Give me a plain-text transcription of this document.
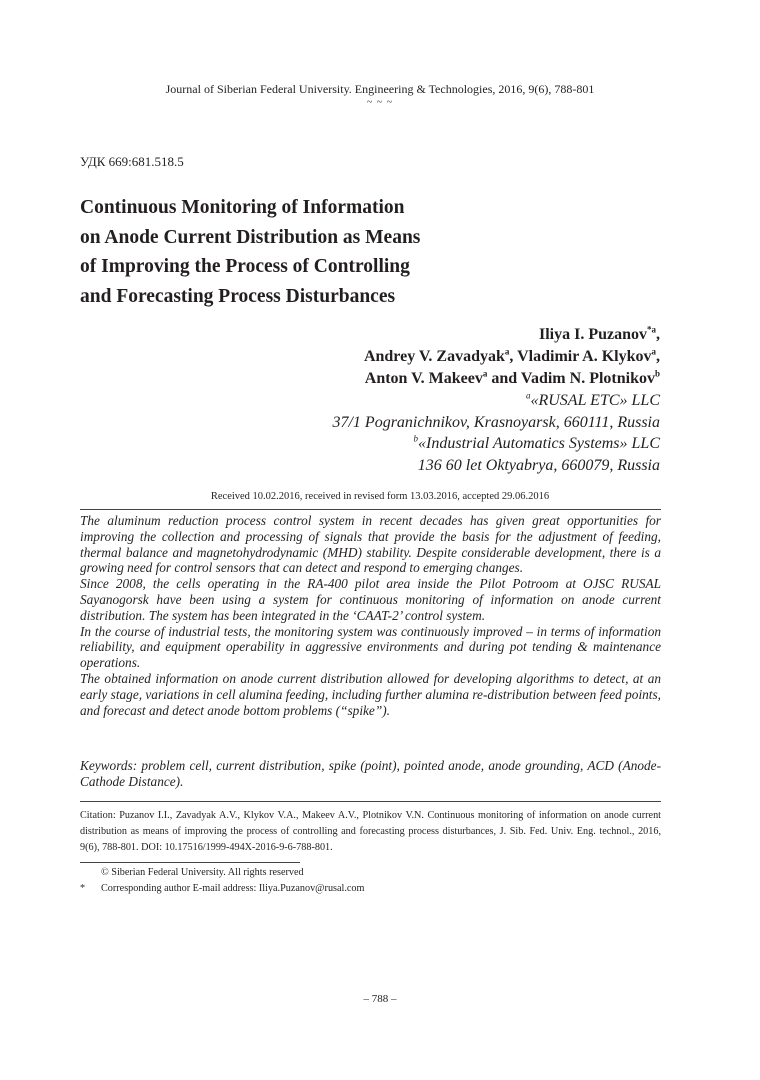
Journal of Siberian Federal University. Engineering & Technologies, 2016, 9(6), 788-801
~ ~ ~
УДК 669:681.518.5
Continuous Monitoring of Information
on Anode Current Distribution as Means
of Improving the Process of Controlling
and Forecasting Process Disturbances
Iliya I. Puzanov$^{*a}$,
Andrey V. Zavadyak$^a$, Vladimir A. Klykov$^a$,
Anton V. Makeev$^a$ and Vadim N. Plotnikov$^b$
$^a$«RUSAL ETC» LLC
37/1 Pogranichnikov, Krasnoyarsk, 660111, Russia
$^b$«Industrial Automatics Systems» LLC
136 60 let Oktyabrya, 660079, Russia
Received 10.02.2016, received in revised form 13.03.2016, accepted 29.06.2016

The aluminum reduction process control system in recent decades has given great opportunities for improving the collection and processing of signals that provide the basis for the adjustment of feeding, thermal balance and magnetohydrodynamic (MHD) stability. Despite considerable development, there is a growing need for control sensors that can detect and respond to emerging changes.

Since 2008, the cells operating in the RA-400 pilot area inside the Pilot Potroom at OJSC RUSAL Sayanogorsk have been using a system for continuous monitoring of information on anode current distribution. The system has been integrated in the ‘CAAT-2’ control system.

In the course of industrial tests, the monitoring system was continuously improved – in terms of information reliability, and equipment operability in aggressive environments and during pot tending & maintenance operations.

The obtained information on anode current distribution allowed for developing algorithms to detect, at an early stage, variations in cell alumina feeding, including further alumina re-distribution between feed points, and forecast and detect anode bottom problems (“spike”).

Keywords: problem cell, current distribution, spike (point), pointed anode, anode grounding, ACD (Anode-Cathode Distance).

Citation: Puzanov I.I., Zavadyak A.V., Klykov V.A., Makeev A.V., Plotnikov V.N. Continuous monitoring of information on anode current distribution as means of improving the process of controlling and forecasting process disturbances, J. Sib. Fed. Univ. Eng. technol., 2016, 9(6), 788-801. DOI: 10.17516/1999-494X-2016-9-6-788-801.

© Siberian Federal University. All rights reserved
* Corresponding author E-mail address: Iliya.Puzanov@rusal.com
– 788 –
